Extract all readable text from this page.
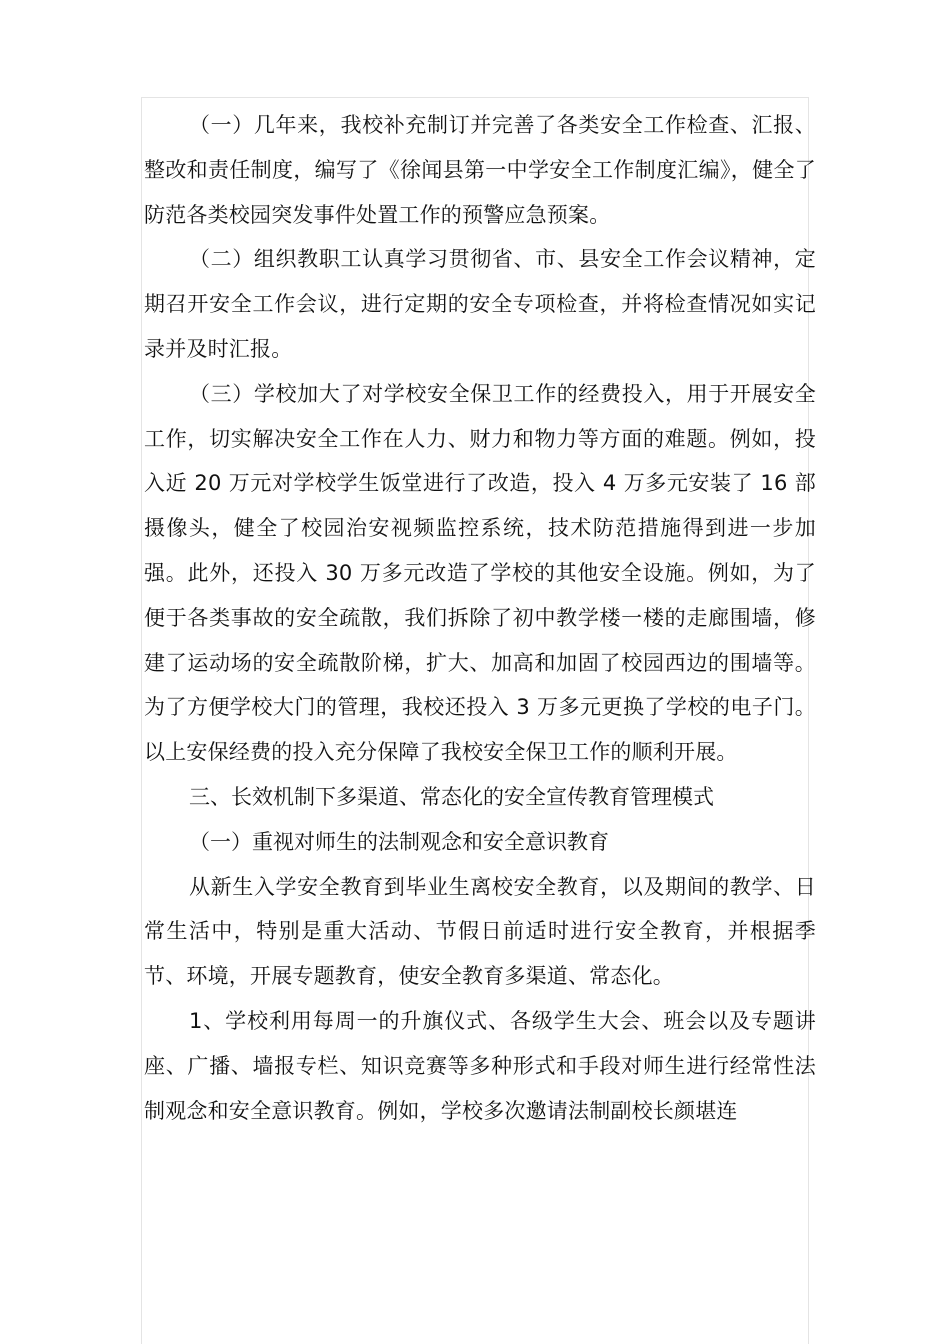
（一）几年来，我校补充制订并完善了各类安全工作检查、汇报、整改和责任制度，编写了《徐闻县第一中学安全工作制度汇编》，健全了防范各类校园突发事件处置工作的预警应急预案。

（二）组织教职工认真学习贯彻省、市、县安全工作会议精神，定期召开安全工作会议，进行定期的安全专项检查，并将检查情况如实记录并及时汇报。

（三）学校加大了对学校安全保卫工作的经费投入，用于开展安全工作，切实解决安全工作在人力、财力和物力等方面的难题。例如，投入近 20 万元对学校学生饭堂进行了改造，投入 4 万多元安装了 16 部摄像头，健全了校园治安视频监控系统，技术防范措施得到进一步加强。此外，还投入 30 万多元改造了学校的其他安全设施。例如，为了便于各类事故的安全疏散，我们拆除了初中教学楼一楼的走廊围墙，修建了运动场的安全疏散阶梯，扩大、加高和加固了校园西边的围墙等。为了方便学校大门的管理，我校还投入 3 万多元更换了学校的电子门。以上安保经费的投入充分保障了我校安全保卫工作的顺利开展。

三、长效机制下多渠道、常态化的安全宣传教育管理模式

（一）重视对师生的法制观念和安全意识教育

从新生入学安全教育到毕业生离校安全教育，以及期间的教学、日常生活中，特别是重大活动、节假日前适时进行安全教育，并根据季节、环境，开展专题教育，使安全教育多渠道、常态化。

1、学校利用每周一的升旗仪式、各级学生大会、班会以及专题讲座、广播、墙报专栏、知识竞赛等多种形式和手段对师生进行经常性法制观念和安全意识教育。例如，学校多次邀请法制副校长颜堪连
